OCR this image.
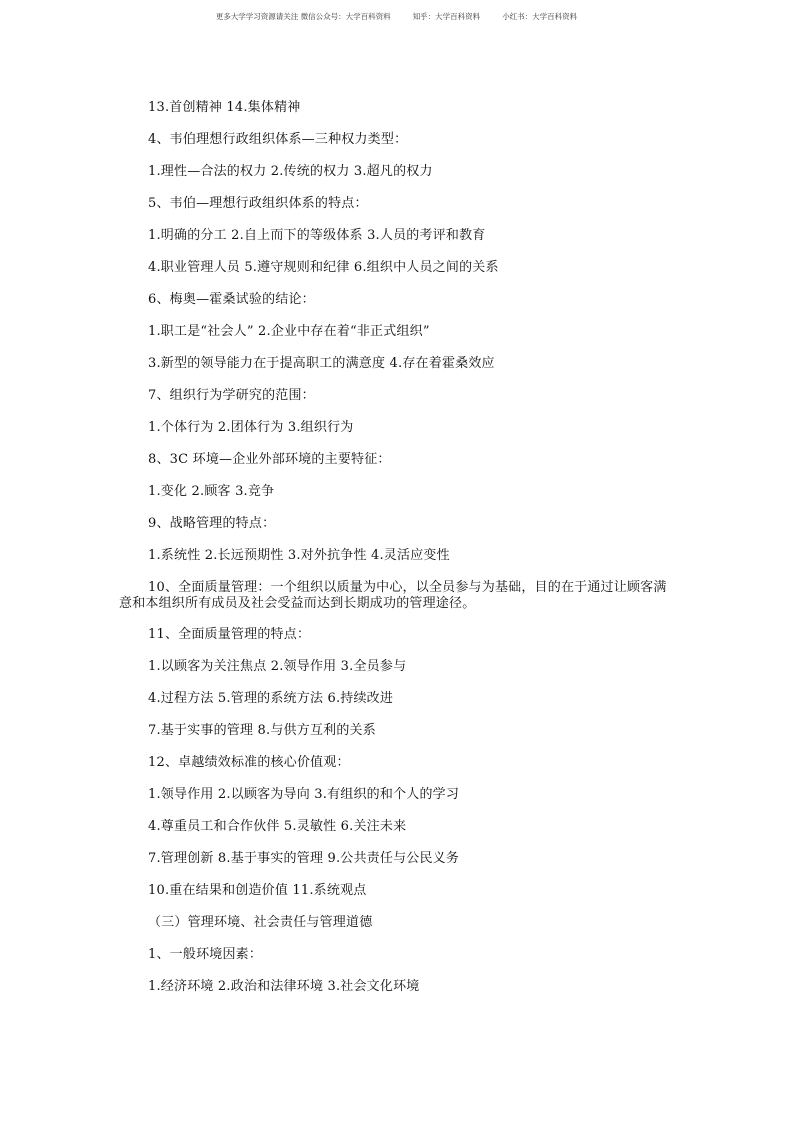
更多大学学习资源请关注 微信公众号：大学百科资料	知乎：大学百科资料	小红书：大学百科资料
13.首创精神 14.集体精神
4、韦伯理想行政组织体系—三种权力类型：
1.理性—合法的权力 2.传统的权力 3.超凡的权力
5、韦伯—理想行政组织体系的特点：
1.明确的分工 2.自上而下的等级体系 3.人员的考评和教育
4.职业管理人员 5.遵守规则和纪律 6.组织中人员之间的关系
6、梅奥—霍桑试验的结论：
1.职工是“社会人” 2.企业中存在着“非正式组织”
3.新型的领导能力在于提高职工的满意度 4.存在着霍桑效应
7、组织行为学研究的范围：
1.个体行为 2.团体行为 3.组织行为
8、3C 环境—企业外部环境的主要特征：
1.变化 2.顾客 3.竞争
9、战略管理的特点：
1.系统性 2.长远预期性 3.对外抗争性 4.灵活应变性
10、全面质量管理：一个组织以质量为中心，以全员参与为基础，目的在于通过让顾客满意和本组织所有成员及社会受益而达到长期成功的管理途径。
11、全面质量管理的特点：
1.以顾客为关注焦点 2.领导作用 3.全员参与
4.过程方法 5.管理的系统方法 6.持续改进
7.基于实事的管理 8.与供方互利的关系
12、卓越绩效标准的核心价值观：
1.领导作用 2.以顾客为导向 3.有组织的和个人的学习
4.尊重员工和合作伙伴 5.灵敏性 6.关注未来
7.管理创新 8.基于事实的管理 9.公共责任与公民义务
10.重在结果和创造价值 11.系统观点
（三）管理环境、社会责任与管理道德
1、一般环境因素：
1.经济环境 2.政治和法律环境 3.社会文化环境
